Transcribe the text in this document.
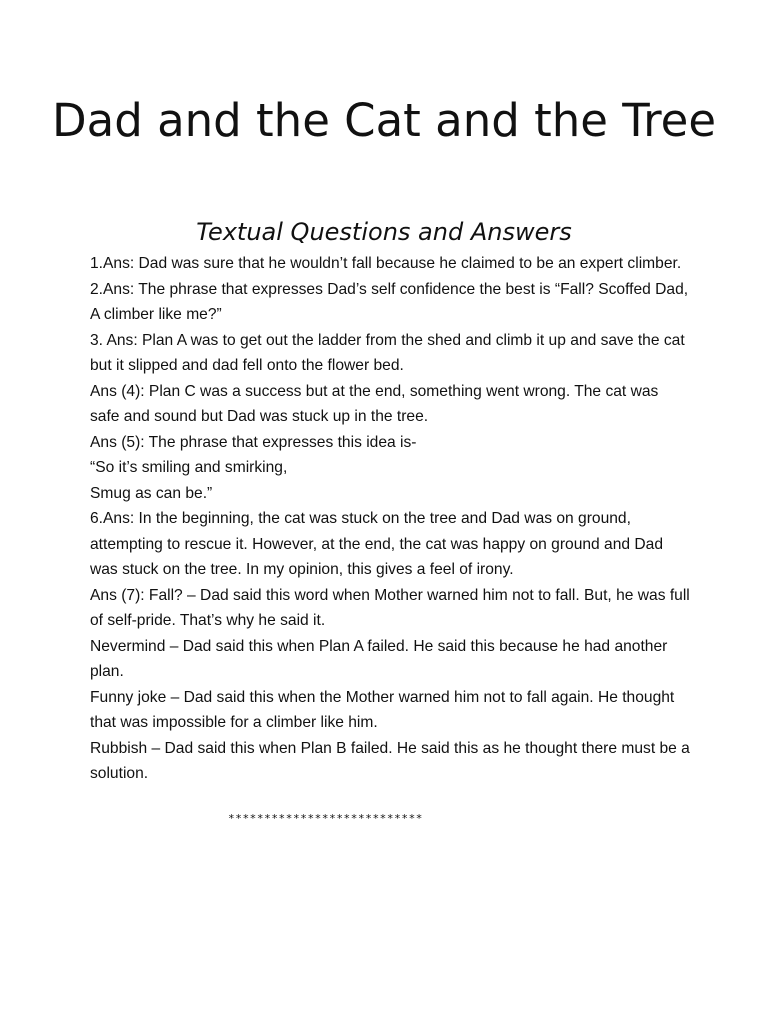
Dad and the Cat and the Tree
Textual Questions and Answers

1.Ans: Dad was sure that he wouldn’t fall because he claimed to be an expert climber.

2.Ans: The phrase that expresses Dad’s self confidence the best is “Fall? Scoffed Dad, A climber like me?”

3. Ans: Plan A was to get out the ladder from the shed and climb it up and save the cat but it slipped and dad fell onto the flower bed.

Ans (4): Plan C was a success but at the end, something went wrong. The cat was safe and sound but Dad was stuck up in the tree.

Ans (5): The phrase that expresses this idea is-

“So it’s smiling and smirking,

Smug as can be.”

6.Ans: In the beginning, the cat was stuck on the tree and Dad was on ground, attempting to rescue it. However, at the end, the cat was happy on ground and Dad was stuck on the tree. In my opinion, this gives a feel of irony.

Ans (7): Fall? – Dad said this word when Mother warned him not to fall. But, he was full of self-pride. That’s why he said it.

Nevermind – Dad said this when Plan A failed. He said this because he had another plan.

Funny joke – Dad said this when the Mother warned him not to fall again. He thought that was impossible for a climber like him.

Rubbish – Dad said this when Plan B failed. He said this as he thought there must be a solution.

***************************
